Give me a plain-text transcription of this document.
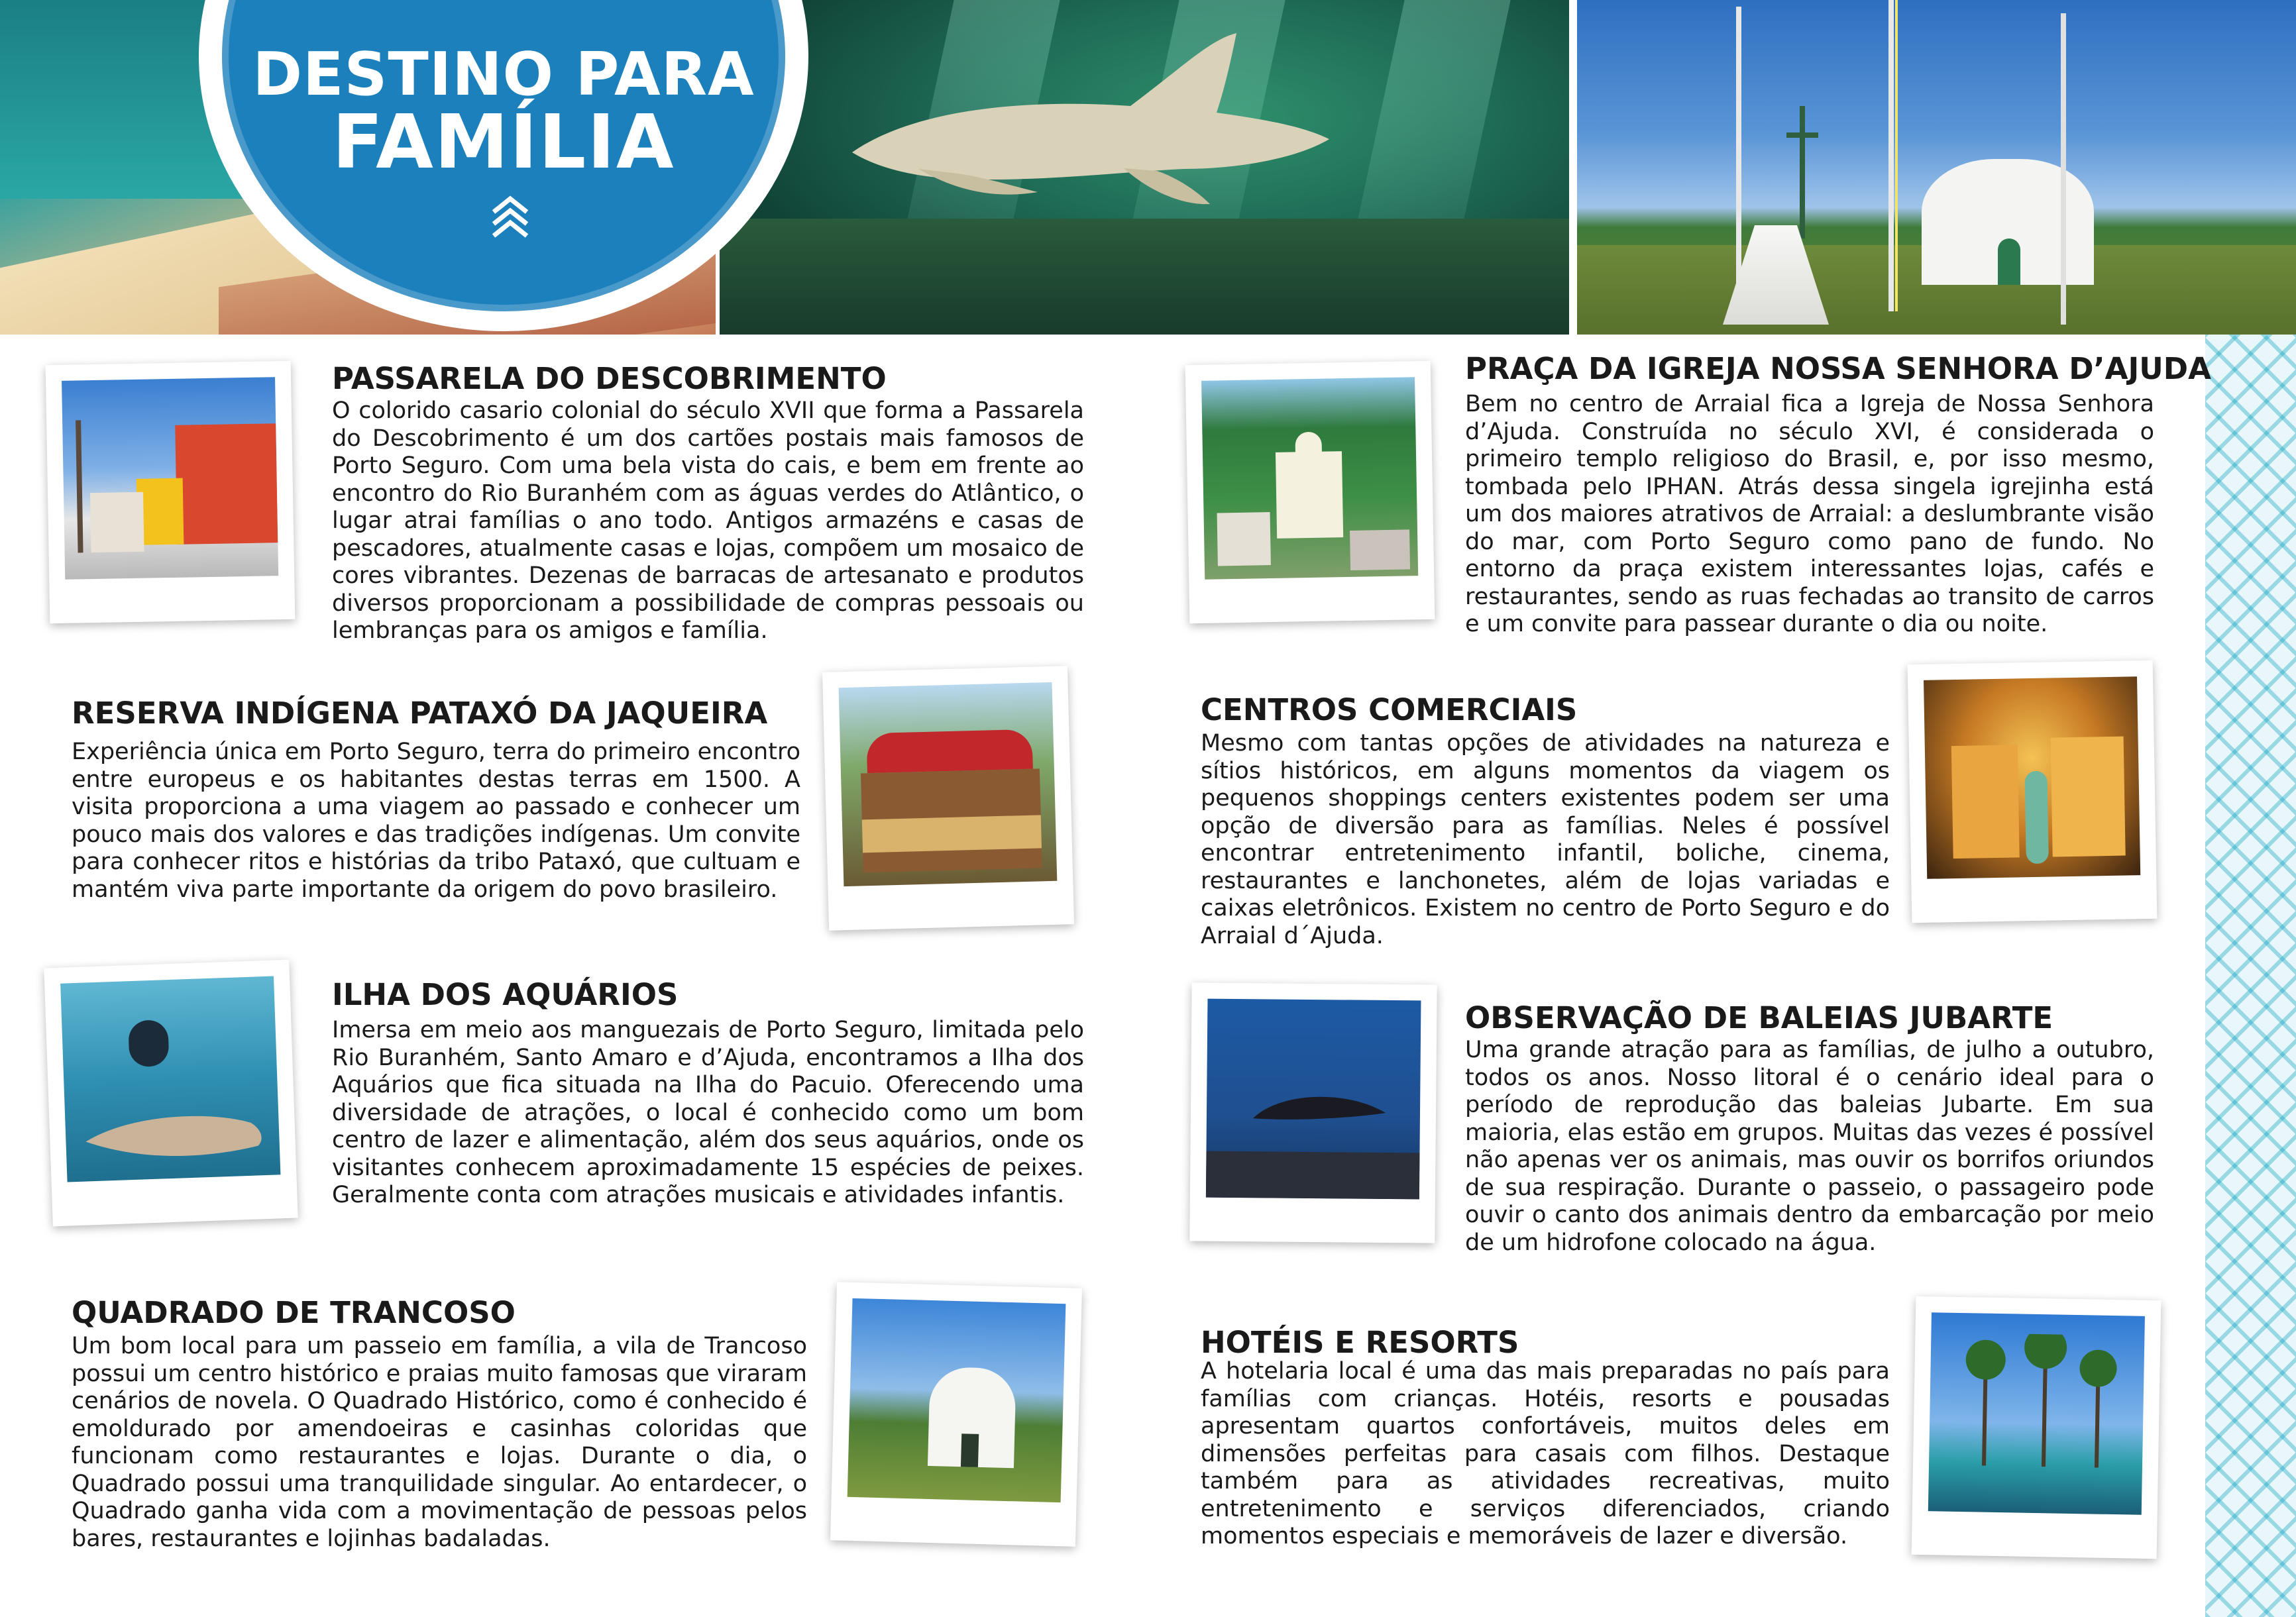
DESTINO PARA
FAMÍLIA
PASSARELA DO DESCOBRIMENTO
O colorido casario colonial do século XVII que forma a Passarela do Descobrimento é um dos cartões postais mais famosos de Porto Seguro. Com uma bela vista do cais, e bem em frente ao encontro do Rio Buranhém com as águas verdes do Atlântico, o lugar atrai famílias o ano todo. Antigos armazéns e casas de pescadores, atualmente casas e lojas, compõem um mosaico de cores vibrantes. Dezenas de barracas de artesanato e produtos diversos proporcionam a possibilidade de compras pessoais ou lembranças para os amigos e família.
RESERVA INDÍGENA PATAXÓ DA JAQUEIRA
Experiência única em Porto Seguro, terra do primeiro encontro entre europeus e os habitantes destas terras em 1500. A visita proporciona a uma viagem ao passado e conhecer um pouco mais dos valores e das tradições indígenas. Um convite para conhecer ritos e histórias da tribo Pataxó, que cultuam e mantém viva parte importante da origem do povo brasileiro.
ILHA DOS AQUÁRIOS
Imersa em meio aos manguezais de Porto Seguro, limitada pelo Rio Buranhém, Santo Amaro e d’Ajuda, encontramos a Ilha dos Aquários que fica situada na Ilha do Pacuio. Oferecendo uma diversidade de atrações, o local é conhecido como um bom centro de lazer e alimentação, além dos seus aquários, onde os visitantes conhecem aproximadamente 15 espécies de peixes. Geralmente conta com atrações musicais e atividades infantis.
QUADRADO DE TRANCOSO
Um bom local para um passeio em família, a vila de Trancoso possui um centro histórico e praias muito famosas que viraram cenários de novela. O Quadrado Histórico, como é conhecido é emoldurado por amendoeiras e casinhas coloridas que funcionam como restaurantes e lojas. Durante o dia, o Quadrado possui uma tranquilidade singular. Ao entardecer, o Quadrado ganha vida com a movimentação de pessoas pelos bares, restaurantes e lojinhas badaladas.
PRAÇA DA IGREJA NOSSA SENHORA D’AJUDA
Bem no centro de Arraial fica a Igreja de Nossa Senhora d’Ajuda. Construída no século XVI, é considerada o primeiro templo religioso do Brasil, e, por isso mesmo, tombada pelo IPHAN. Atrás dessa singela igrejinha está um dos maiores atrativos de Arraial: a deslumbrante visão do mar, com Porto Seguro como pano de fundo. No entorno da praça existem interessantes lojas, cafés e restaurantes, sendo as ruas fechadas ao transito de carros e um convite para passear durante o dia ou noite.
CENTROS COMERCIAIS
Mesmo com tantas opções de atividades na natureza e sítios históricos, em alguns momentos da viagem os pequenos shoppings centers existentes podem ser uma opção de diversão para as famílias. Neles é possível encontrar entretenimento infantil, boliche, cinema, restaurantes e lanchonetes, além de lojas variadas e caixas eletrônicos. Existem no centro de Porto Seguro e do Arraial d´Ajuda.
OBSERVAÇÃO DE BALEIAS JUBARTE
Uma grande atração para as famílias, de julho a outubro, todos os anos. Nosso litoral é o cenário ideal para o período de reprodução das baleias Jubarte. Em sua maioria, elas estão em grupos. Muitas das vezes é possível não apenas ver os animais, mas ouvir os borrifos oriundos de sua respiração. Durante o passeio, o passageiro pode ouvir o canto dos animais dentro da embarcação por meio de um hidrofone colocado na água.
HOTÉIS E RESORTS
A hotelaria local é uma das mais preparadas no país para famílias com crianças. Hotéis, resorts e pousadas apresentam quartos confortáveis, muitos deles em dimensões perfeitas para casais com filhos. Destaque também para as atividades recreativas, muito entretenimento e serviços diferenciados, criando momentos especiais e memoráveis de lazer e diversão.
